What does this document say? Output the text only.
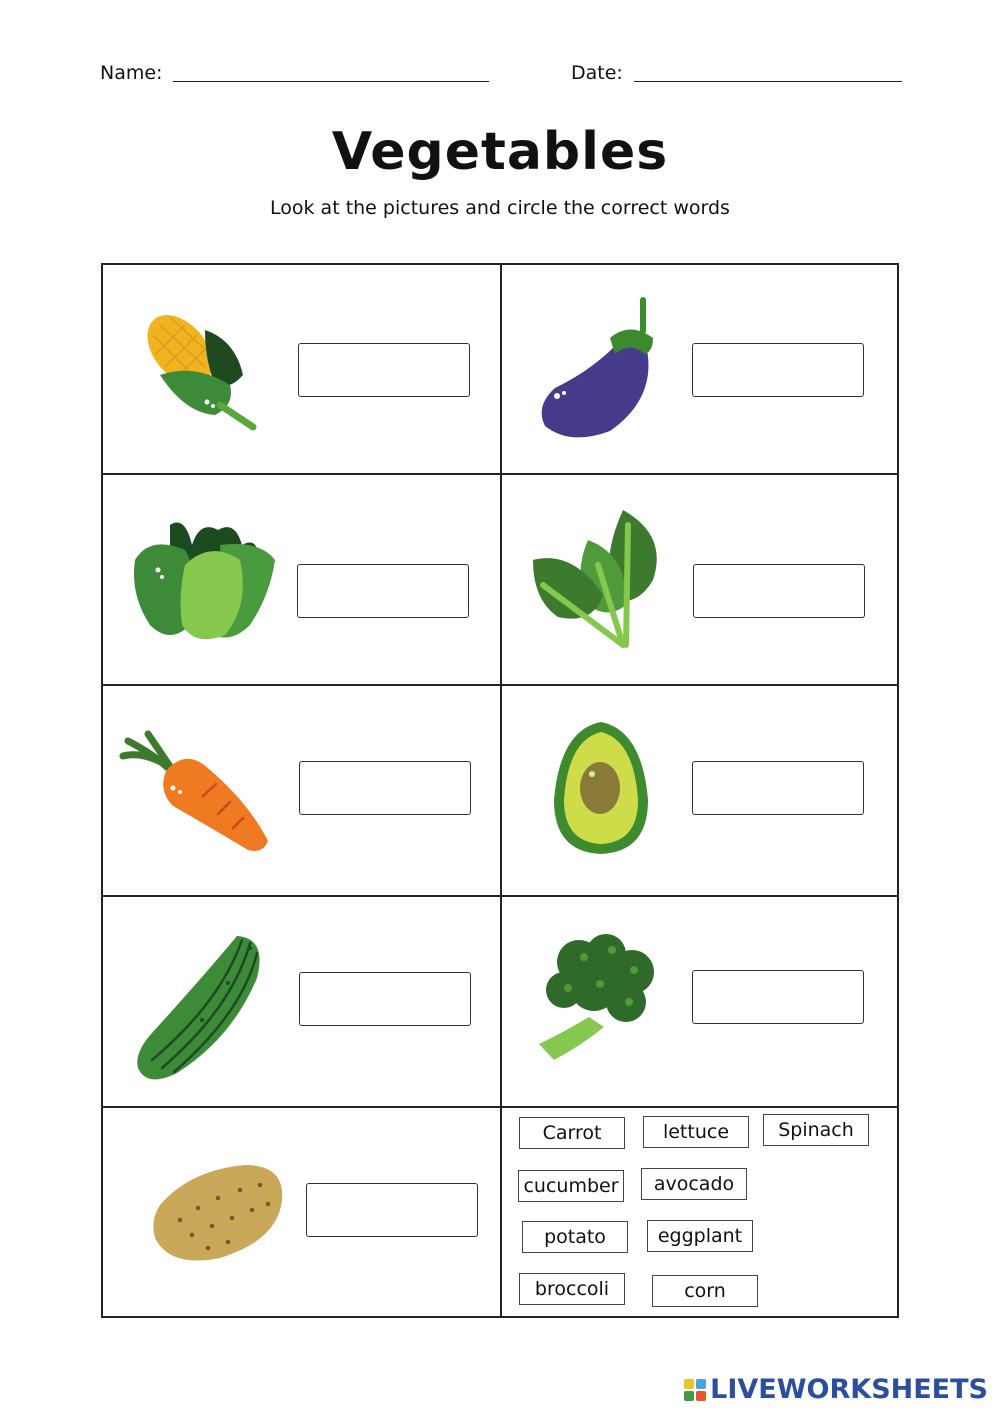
Name:	Date:
Vegetables
Look at the pictures and circle the correct words
Carrot	lettuce	Spinach
cucumber	avocado
potato	eggplant
broccoli	corn
LIVEWORKSHEETS
